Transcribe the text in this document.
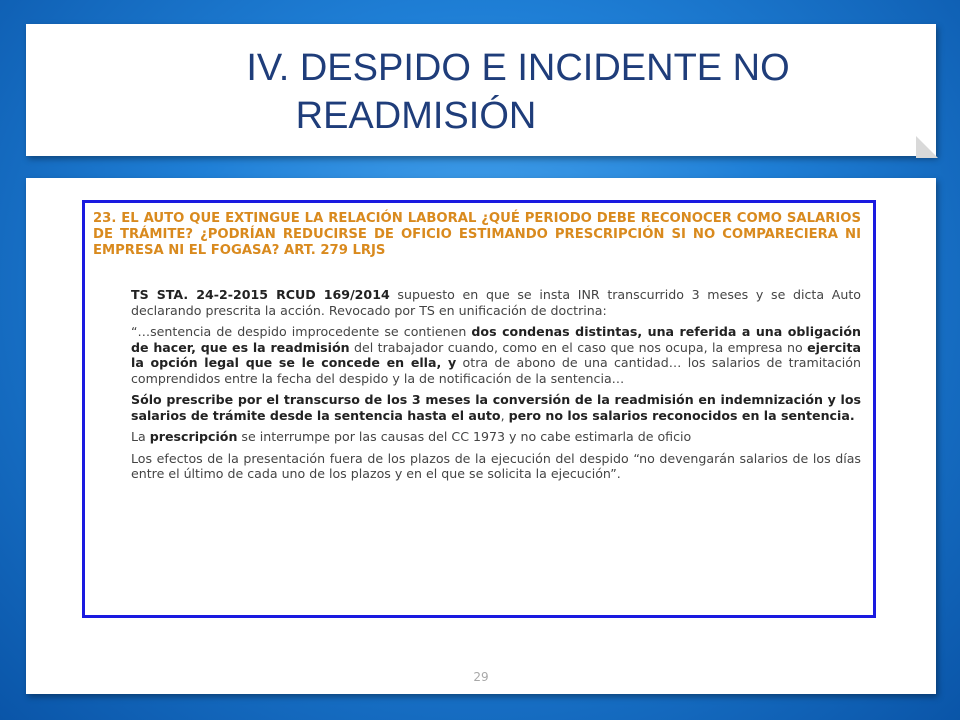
IV. DESPIDO E INCIDENTE NO
READMISIÓN

23. EL AUTO QUE EXTINGUE LA RELACIÓN LABORAL ¿QUÉ PERIODO DEBE RECONOCER COMO SALARIOS DE TRÁMITE? ¿PODRÍAN REDUCIRSE DE OFICIO ESTIMANDO PRESCRIPCIÓN SI NO COMPARECIERA NI EMPRESA NI EL FOGASA? ART. 279 LRJS

TS STA. 24-2-2015 RCUD 169/2014 supuesto en que se insta INR transcurrido 3 meses y se dicta Auto declarando prescrita la acción. Revocado por TS en unificación de doctrina:

“…sentencia de despido improcedente se contienen dos condenas distintas, una referida a una obligación de hacer, que es la readmisión del trabajador cuando, como en el caso que nos ocupa, la empresa no ejercita la opción legal que se le concede en ella, y otra de abono de una cantidad… los salarios de tramitación comprendidos entre la fecha del despido y la de notificación de la sentencia…

Sólo prescribe por el transcurso de los 3 meses la conversión de la readmisión en indemnización y los salarios de trámite desde la sentencia hasta el auto, pero no los salarios reconocidos en la sentencia.

La prescripción se interrumpe por las causas del CC 1973 y no cabe estimarla de oficio

Los efectos de la presentación fuera de los plazos de la ejecución del despido “no devengarán salarios de los días entre el último de cada uno de los plazos y en el que se solicita la ejecución”.

29
